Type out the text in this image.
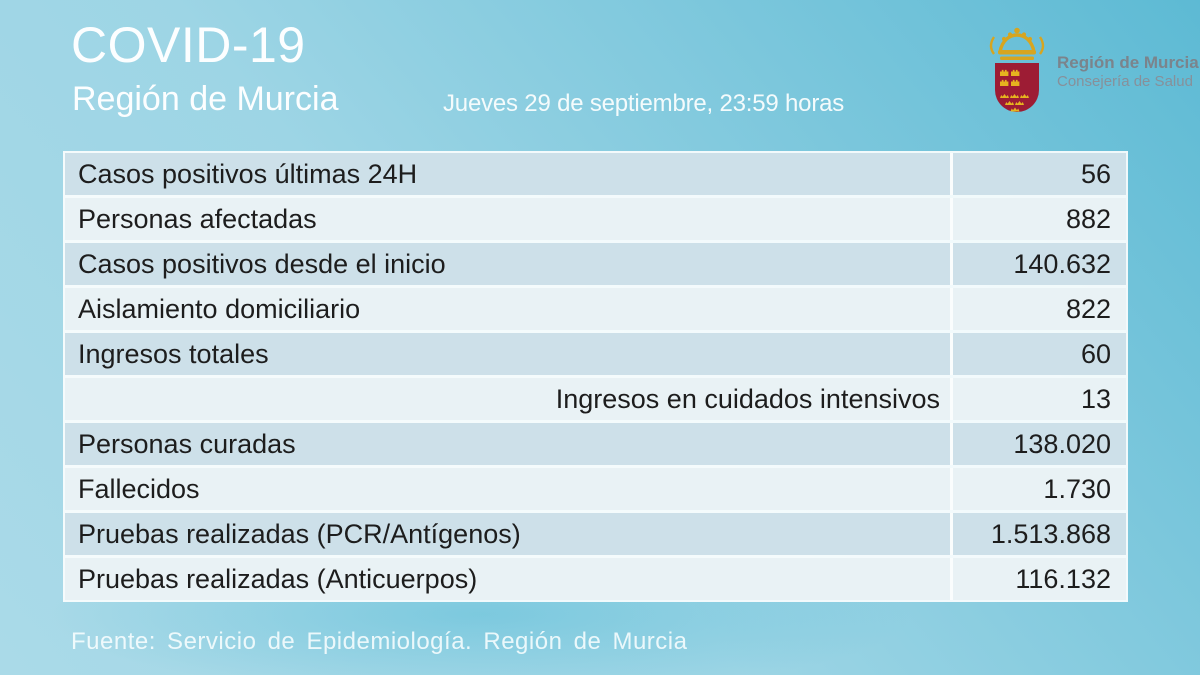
COVID-19
Región de Murcia	Jueves 29 de septiembre, 23:59 horas
Región de Murcia
Consejería de Salud
Casos positivos últimas 24H	56
Personas afectadas	882
Casos positivos desde el inicio	140.632
Aislamiento domiciliario	822
Ingresos totales	60
Ingresos en cuidados intensivos	13
Personas curadas	138.020
Fallecidos	1.730
Pruebas realizadas (PCR/Antígenos)	1.513.868
Pruebas realizadas (Anticuerpos)	116.132
Fuente: Servicio de Epidemiología. Región de Murcia
